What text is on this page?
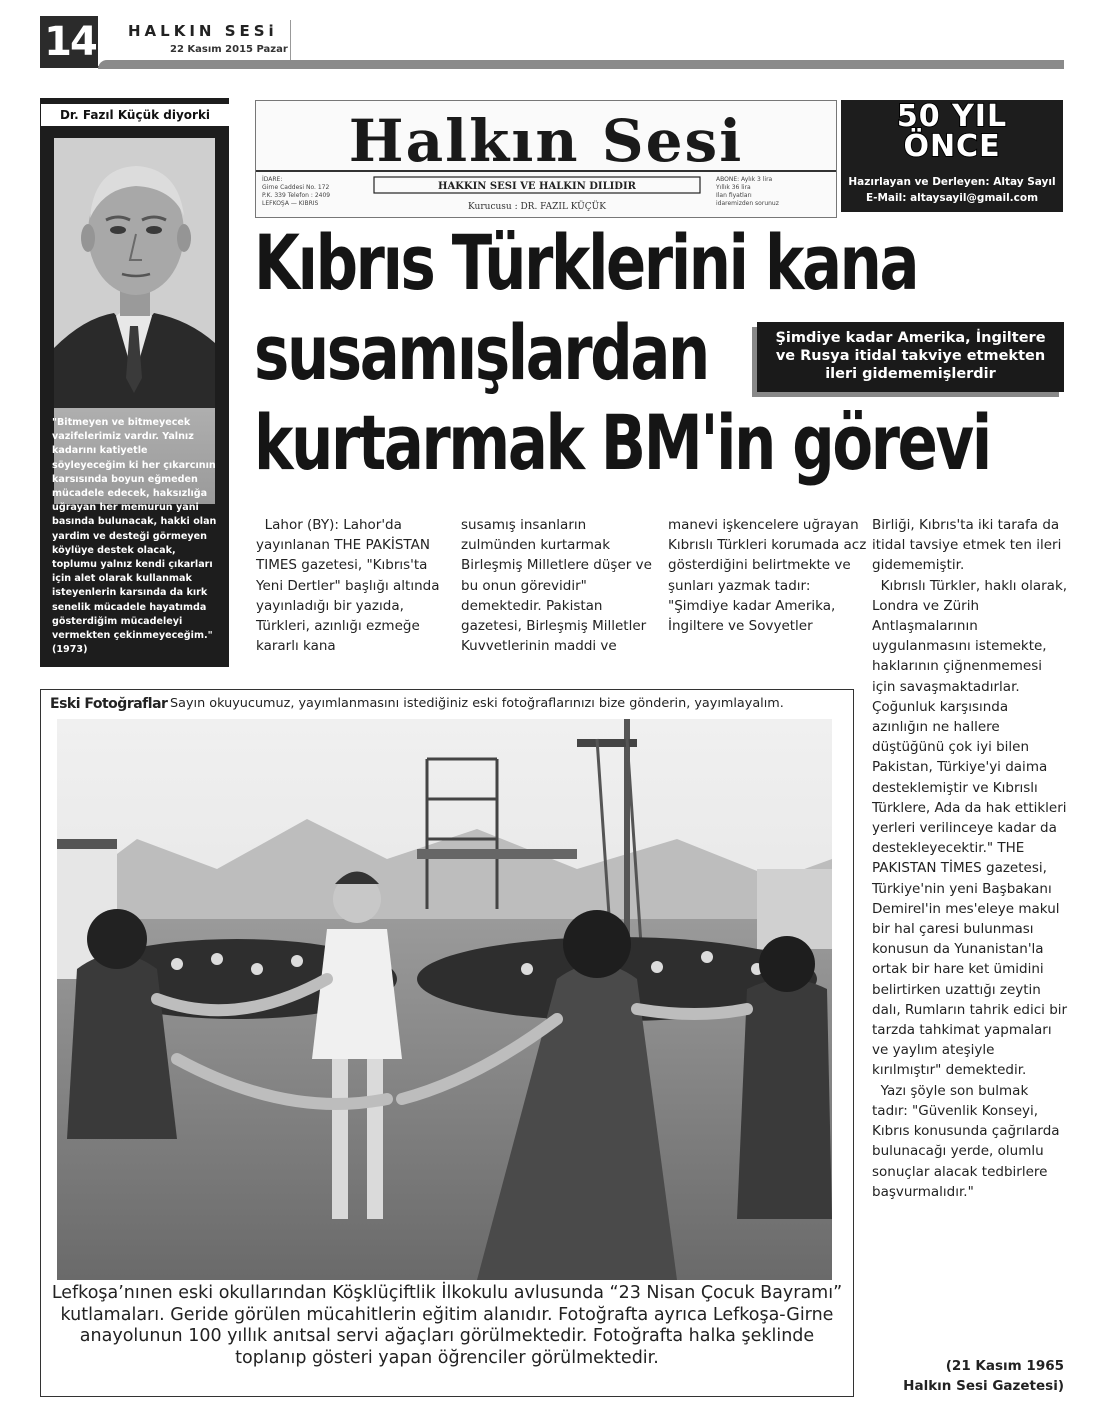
14 HALKIN SESi
22 Kasım 2015 Pazar
Dr. Fazıl Küçük diyorki
"Bitmeyen ve bitmeyecek vazifelerimiz vardır. Yalnız kadarını katiyetle söyleyeceğim ki her çıkarcının karsısında boyun eğmeden mücadele edecek, haksızlığa uğrayan her memurun yani basında bulunacak, hakki olan yardim ve desteği görmeyen köylüye destek olacak, toplumu yalnız kendi çıkarları için alet olarak kullanmak isteyenlerin karsında da kırk senelik mücadele hayatımda gösterdiğim mücadeleyi vermekten çekinmeyeceğim." (1973)
Halkın Sesi
HAKKIN SESI VE HALKIN DILIDIR
Kurucusu : DR. FAZIL KÜÇÜK
İDARE:
Girne Caddesi No. 172
P.K. 339 Telefon : 2409
LEFKOŞA — KIBRIS
ABONE: Aylık 3 lira
Yıllık 36 lira
Ilan fiyatları
idaremizden sorunuz
50 YIL
ÖNCE
Hazırlayan ve Derleyen: Altay Sayıl
E-Mail: altaysayil@gmail.com
Kıbrıs Türklerini kana
susamışlardan
kurtarmak BM'in görevi
Şimdiye kadar Amerika, İngiltere
ve Rusya itidal takviye etmekten
ileri gidememişlerdir

Lahor (BY): Lahor'da yayınlanan THE PAKİSTAN TIMES gazetesi, "Kıbrıs'ta Yeni Dertler" başlığı altında yayınladığı bir yazıda, Türkleri, azınlığı ezmeğe kararlı kana

susamış insanların zulmünden kurtarmak Birleşmiş Milletlere düşer ve bu onun görevidir" demektedir. Pakistan gazetesi, Birleşmiş Milletler Kuvvetlerinin maddi ve

manevi işkencelere uğrayan Kıbrıslı Türkleri korumada acz gösterdiğini belirtmekte ve şunları yazmak tadır: "Şimdiye kadar Amerika, İngiltere ve Sovyetler

Birliği, Kıbrıs'ta iki tarafa da itidal tavsiye etmek ten ileri gidememiştir.
Kıbrıslı Türkler, haklı olarak, Londra ve Zürih Antlaşmalarının uygulanmasını istemekte, haklarının çiğnenmemesi için savaşmaktadırlar. Çoğunluk karşısında azınlığın ne hallere düştüğünü çok iyi bilen Pakistan, Türkiye'yi daima desteklemiştir ve Kıbrıslı Türklere, Ada da hak ettikleri yerleri verilinceye kadar da destekleyecektir." THE PAKISTAN TİMES gazetesi, Türkiye'nin yeni Başbakanı Demirel'in mes'eleye makul bir hal çaresi bulunması konusun da Yunanistan'la ortak bir hare ket ümidini belirtirken uzattığı zeytin dalı, Rumların tahrik edici bir tarzda tahkimat yapmaları ve yaylım ateşiyle kırılmıştır" demektedir.
Yazı şöyle son bulmak tadır: "Güvenlik Konseyi, Kıbrıs konusunda çağrılarda bulunacağı yerde, olumlu sonuçlar alacak tedbirlere başvurmalıdır."

(21 Kasım 1965
Halkın Sesi Gazetesi)
Eski Fotoğraflar Sayın okuyucumuz, yayımlanmasını istediğiniz eski fotoğraflarınızı bize gönderin, yayımlayalım.
Lefkoşa’nınen eski okullarından Köşklüçiftlik İlkokulu avlusunda “23 Nisan Çocuk Bayramı” kutlamaları. Geride görülen mücahitlerin eğitim alanıdır. Fotoğrafta ayrıca Lefkoşa-Girne anayolunun 100 yıllık anıtsal servi ağaçları görülmektedir. Fotoğrafta halka şeklinde toplanıp gösteri yapan öğrenciler görülmektedir.
